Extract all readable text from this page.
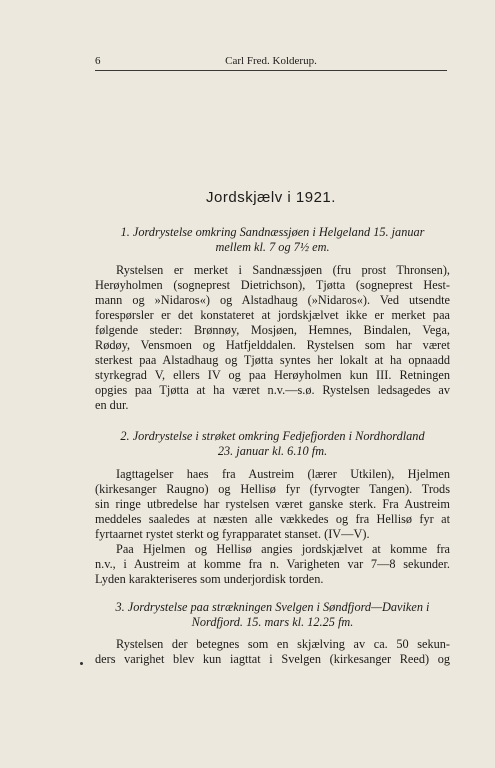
6	Carl Fred. Kolderup.
Jordskjælv i 1921.
1. Jordrystelse omkring Sandnæssjøen i Helgeland 15. januar
mellem kl. 7 og 7½ em.
Rystelsen er merket i Sandnæssjøen (fru prost Thronsen),
Herøyholmen (sogneprest Dietrichson), Tjøtta (sogneprest Hest-
mann og »Nidaros«) og Alstadhaug (»Nidaros«). Ved utsendte
forespørsler er det konstateret at jordskjælvet ikke er merket paa
følgende steder: Brønnøy, Mosjøen, Hemnes, Bindalen, Vega,
Rødøy, Vensmoen og Hatfjelddalen. Rystelsen som har været
sterkest paa Alstadhaug og Tjøtta syntes her lokalt at ha opnaadd
styrkegrad V, ellers IV og paa Herøyholmen kun III. Retningen
opgies paa Tjøtta at ha været n.v.—s.ø. Rystelsen ledsagedes av
en dur.
2. Jordrystelse i strøket omkring Fedjefjorden i Nordhordland
23. januar kl. 6.10 fm.
Iagttagelser haes fra Austreim (lærer Utkilen), Hjelmen
(kirkesanger Raugno) og Hellisø fyr (fyrvogter Tangen). Trods
sin ringe utbredelse har rystelsen været ganske sterk. Fra Austreim
meddeles saaledes at næsten alle vækkedes og fra Hellisø fyr at
fyrtaarnet rystet sterkt og fyrapparatet stanset. (IV—V).
Paa Hjelmen og Hellisø angies jordskjælvet at komme fra
n.v., i Austreim at komme fra n. Varigheten var 7—8 sekunder.
Lyden karakteriseres som underjordisk torden.
3. Jordrystelse paa strækningen Svelgen i Søndfjord—Daviken i
Nordfjord. 15. mars kl. 12.25 fm.
Rystelsen der betegnes som en skjælving av ca. 50 sekun-
ders varighet blev kun iagttat i Svelgen (kirkesanger Reed) og
